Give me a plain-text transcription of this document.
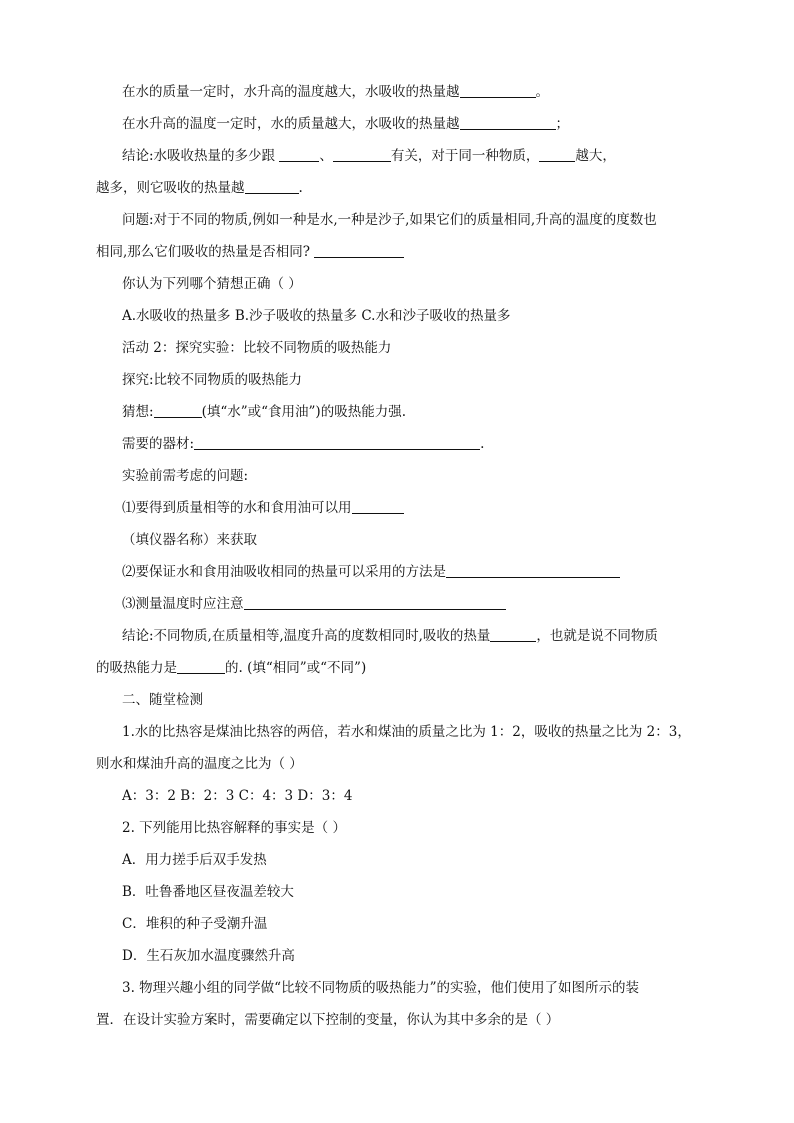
在水的质量一定时，水升高的温度越大，水吸收的热量越	。
在水升高的温度一定时，水的质量越大，水吸收的热量越	；
结论:水吸收热量的多少跟	、	有关，对于同一种物质，	越大，
越多，则它吸收的热量越	.
问题:对于不同的物质,例如一种是水,一种是沙子,如果它们的质量相同,升高的温度的度数也
相同,那么它们吸收的热量是否相同?
你认为下列哪个猜想正确（ ）
A.水吸收的热量多 B.沙子吸收的热量多 C.水和沙子吸收的热量多
活动 2：探究实验：比较不同物质的吸热能力
探究:比较不同物质的吸热能力
猜想:	(填“水”或“食用油”)的吸热能力强.
需要的器材:	.
实验前需考虑的问题:
⑴要得到质量相等的水和食用油可以用
（填仪器名称）来获取
⑵要保证水和食用油吸收相同的热量可以采用的方法是
⑶测量温度时应注意
结论:不同物质,在质量相等,温度升高的度数相同时,吸收的热量	，也就是说不同物质
的吸热能力是	的. (填“相同”或“不同”)
二、随堂检测
1.水的比热容是煤油比热容的两倍，若水和煤油的质量之比为 1：2，吸收的热量之比为 2：3，
则水和煤油升高的温度之比为（ ）
A：3：2 B：2：3 C：4：3 D：3：4
2. 下列能用比热容解释的事实是（ ）
A．用力搓手后双手发热
B．吐鲁番地区昼夜温差较大
C．堆积的种子受潮升温
D．生石灰加水温度骤然升高
3. 物理兴趣小组的同学做“比较不同物质的吸热能力”的实验，他们使用了如图所示的装
置．在设计实验方案时，需要确定以下控制的变量，你认为其中多余的是（ ）
